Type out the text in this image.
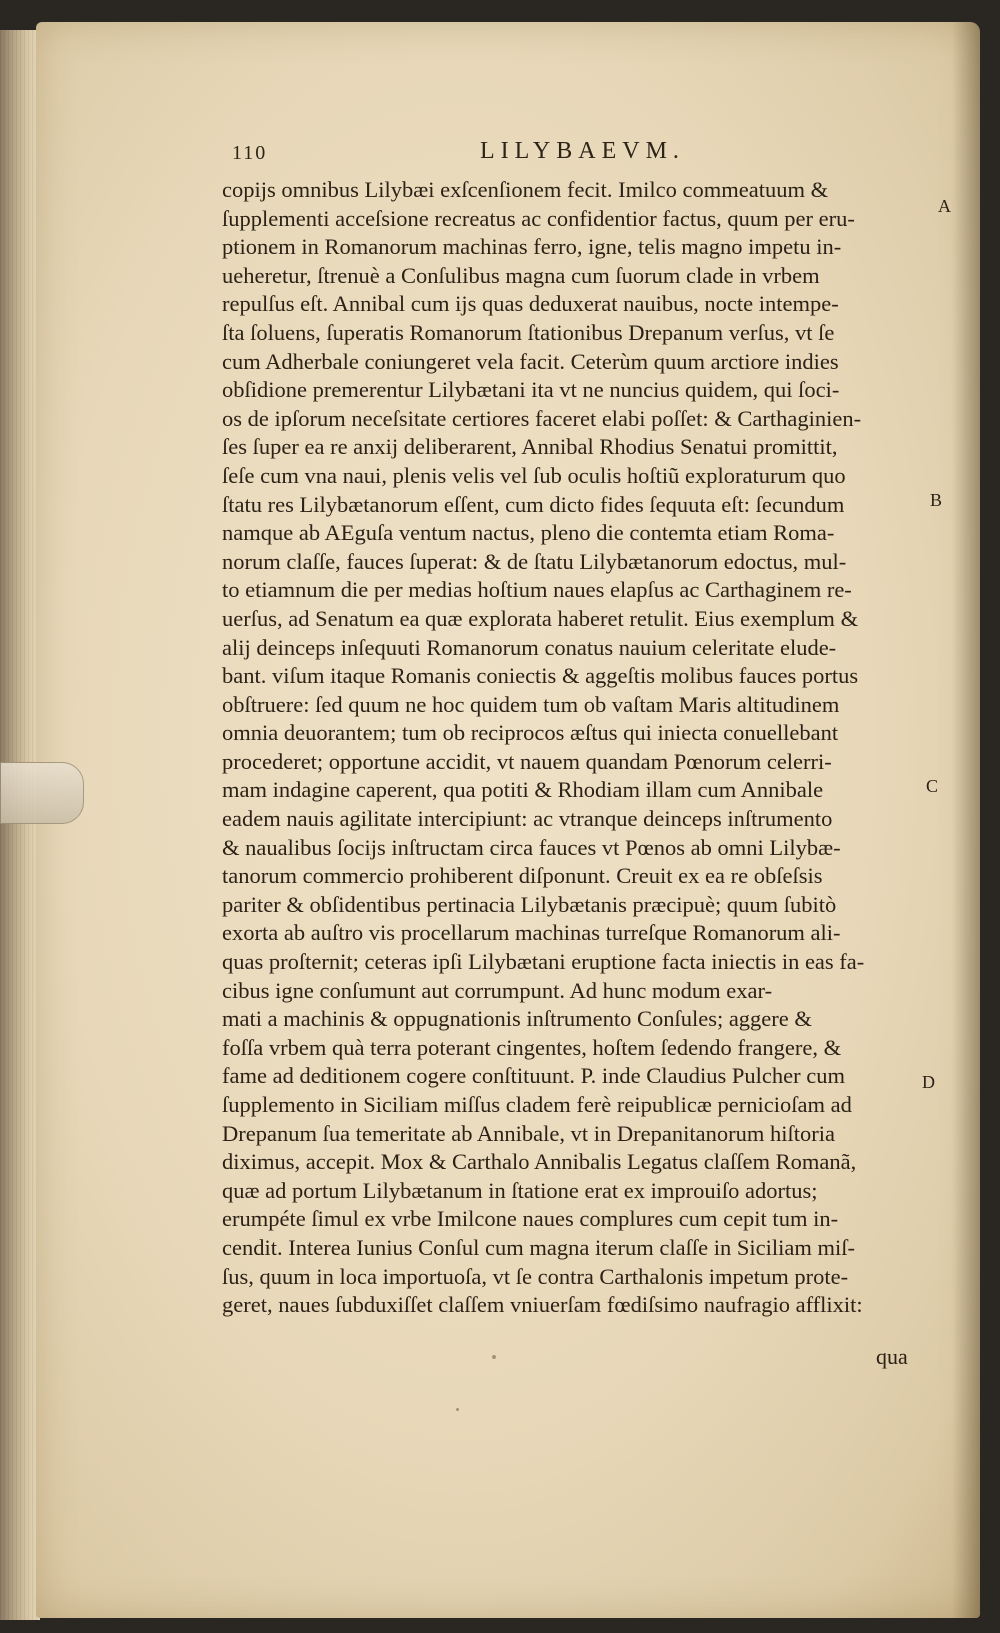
110	LILYBAEVM.
copijs omnibus Lilybæi exſcenſionem fecit. Imilco commeatuum &
ſupplementi acceſsione recreatus ac confidentior factus, quum per eru-
ptionem in Romanorum machinas ferro, igne, telis magno impetu in-
ueheretur, ſtrenuè a Conſulibus magna cum ſuorum clade in vrbem
repulſus eſt. Annibal cum ijs quas deduxerat nauibus, nocte intempe-
ſta ſoluens, ſuperatis Romanorum ſtationibus Drepanum verſus, vt ſe
cum Adherbale coniungeret vela facit. Ceterùm quum arctiore indies
obſidione premerentur Lilybætani ita vt ne nuncius quidem, qui ſoci-
os de ipſorum neceſsitate certiores faceret elabi poſſet: & Carthaginien-
ſes ſuper ea re anxij deliberarent, Annibal Rhodius Senatui promittit,
ſeſe cum vna naui, plenis velis vel ſub oculis hoſtiũ exploraturum quo
ſtatu res Lilybætanorum eſſent, cum dicto fides ſequuta eſt: ſecundum
namque ab AEguſa ventum nactus, pleno die contemta etiam Roma-
norum claſſe, fauces ſuperat: & de ſtatu Lilybætanorum edoctus, mul-
to etiamnum die per medias hoſtium naues elapſus ac Carthaginem re-
uerſus, ad Senatum ea quæ explorata haberet retulit. Eius exemplum &
alij deinceps inſequuti Romanorum conatus nauium celeritate elude-
bant. viſum itaque Romanis coniectis & aggeſtis molibus fauces portus
obſtruere: ſed quum ne hoc quidem tum ob vaſtam Maris altitudinem
omnia deuorantem; tum ob reciprocos æſtus qui iniecta conuellebant
procederet; opportune accidit, vt nauem quandam Pœnorum celerri-
mam indagine caperent, qua potiti & Rhodiam illam cum Annibale
eadem nauis agilitate intercipiunt: ac vtranque deinceps inſtrumento
& naualibus ſocijs inſtructam circa fauces vt Pœnos ab omni Lilybæ-
tanorum commercio prohiberent diſponunt. Creuit ex ea re obſeſsis
pariter & obſidentibus pertinacia Lilybætanis præcipuè; quum ſubitò
exorta ab auſtro vis procellarum machinas turreſque Romanorum ali-
quas proſternit; ceteras ipſi Lilybætani eruptione facta iniectis in eas fa-
cibus igne conſumunt aut corrumpunt. Ad hunc modum exar-
mati a machinis & oppugnationis inſtrumento Conſules; aggere &
foſſa vrbem quà terra poterant cingentes, hoſtem ſedendo frangere, &
fame ad deditionem cogere conſtituunt. P. inde Claudius Pulcher cum
ſupplemento in Siciliam miſſus cladem ferè reipublicæ pernicioſam ad
Drepanum ſua temeritate ab Annibale, vt in Drepanitanorum hiſtoria
diximus, accepit. Mox & Carthalo Annibalis Legatus claſſem Romanã,
quæ ad portum Lilybætanum in ſtatione erat ex improuiſo adortus;
erumpéte ſimul ex vrbe Imilcone naues complures cum cepit tum in-
cendit. Interea Iunius Conſul cum magna iterum claſſe in Siciliam miſ-
ſus, quum in loca importuoſa, vt ſe contra Carthalonis impetum prote-
geret, naues ſubduxiſſet claſſem vniuerſam fœdiſsimo naufragio afflixit:
A
B
C
D
qua
